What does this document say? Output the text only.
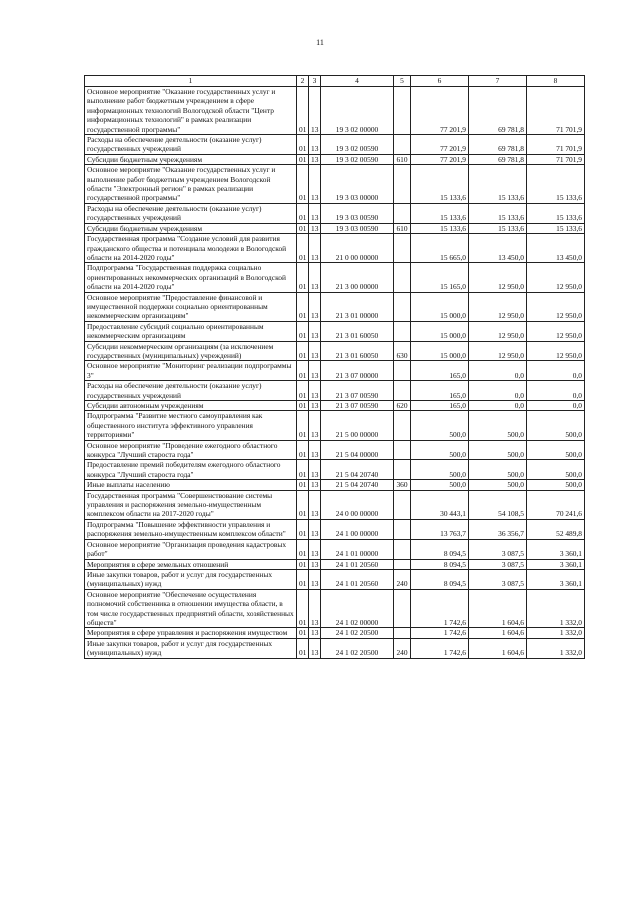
11
1	2	3	4	5	6	7	8
Основное мероприятие "Оказание государственных услуг и выполнение работ бюджетным учреждением в сфере информационных технологий Вологодской области "Центр информационных технологий" в рамках реализации государственной программы"	01	13	19 3 02 00000		77 201,9	69 781,8	71 701,9
Расходы на обеспечение деятельности (оказание услуг) государственных учреждений	01	13	19 3 02 00590		77 201,9	69 781,8	71 701,9
Субсидии бюджетным учреждениям	01	13	19 3 02 00590	610	77 201,9	69 781,8	71 701,9
Основное мероприятие "Оказание государственных услуг и выполнение работ бюджетным учреждением Вологодской области "Электронный регион" в рамках реализации государственной программы"	01	13	19 3 03 00000		15 133,6	15 133,6	15 133,6
Расходы на обеспечение деятельности (оказание услуг) государственных учреждений	01	13	19 3 03 00590		15 133,6	15 133,6	15 133,6
Субсидии бюджетным учреждениям	01	13	19 3 03 00590	610	15 133,6	15 133,6	15 133,6
Государственная программа "Создание условий для развития гражданского общества и потенциала молодежи в Вологодской области на 2014-2020 годы"	01	13	21 0 00 00000		15 665,0	13 450,0	13 450,0
Подпрограмма "Государственная поддержка социально ориентированных некоммерческих организаций в Вологодской области на 2014-2020 годы"	01	13	21 3 00 00000		15 165,0	12 950,0	12 950,0
Основное мероприятие "Предоставление финансовой и имущественной поддержки социально ориентированным некоммерческим организациям"	01	13	21 3 01 00000		15 000,0	12 950,0	12 950,0
Предоставление субсидий социально ориентированным некоммерческим организациям	01	13	21 3 01 60050		15 000,0	12 950,0	12 950,0
Субсидии некоммерческим организациям (за исключением государственных (муниципальных) учреждений)	01	13	21 3 01 60050	630	15 000,0	12 950,0	12 950,0
Основное мероприятие "Мониторинг реализации подпрограммы 3"	01	13	21 3 07 00000		165,0	0,0	0,0
Расходы на обеспечение деятельности (оказание услуг) государственных учреждений	01	13	21 3 07 00590		165,0	0,0	0,0
Субсидии автономным учреждениям	01	13	21 3 07 00590	620	165,0	0,0	0,0
Подпрограмма "Развитие местного самоуправления как общественного института эффективного управления территориями"	01	13	21 5 00 00000		500,0	500,0	500,0
Основное мероприятие "Проведение ежегодного областного конкурса "Лучший староста года"	01	13	21 5 04 00000		500,0	500,0	500,0
Предоставление премий победителям ежегодного областного конкурса "Лучший староста года"	01	13	21 5 04 20740		500,0	500,0	500,0
Иные выплаты населению	01	13	21 5 04 20740	360	500,0	500,0	500,0
Государственная программа "Совершенствование системы управления и распоряжения земельно-имущественным комплексом области на 2017-2020 годы"	01	13	24 0 00 00000		30 443,1	54 108,5	70 241,6
Подпрограмма "Повышение эффективности управления и распоряжения земельно-имущественным комплексом области"	01	13	24 1 00 00000		13 763,7	36 356,7	52 489,8
Основное мероприятие "Организация проведения кадастровых работ"	01	13	24 1 01 00000		8 094,5	3 087,5	3 360,1
Мероприятия в сфере земельных отношений	01	13	24 1 01 20560		8 094,5	3 087,5	3 360,1
Иные закупки товаров, работ и услуг для государственных (муниципальных) нужд	01	13	24 1 01 20560	240	8 094,5	3 087,5	3 360,1
Основное мероприятие "Обеспечение осуществления полномочий собственника в отношении имущества области, в том числе государственных предприятий области, хозяйственных обществ"	01	13	24 1 02 00000		1 742,6	1 604,6	1 332,0
Мероприятия в сфере управления и распоряжения имуществом	01	13	24 1 02 20500		1 742,6	1 604,6	1 332,0
Иные закупки товаров, работ и услуг для государственных (муниципальных) нужд	01	13	24 1 02 20500	240	1 742,6	1 604,6	1 332,0
